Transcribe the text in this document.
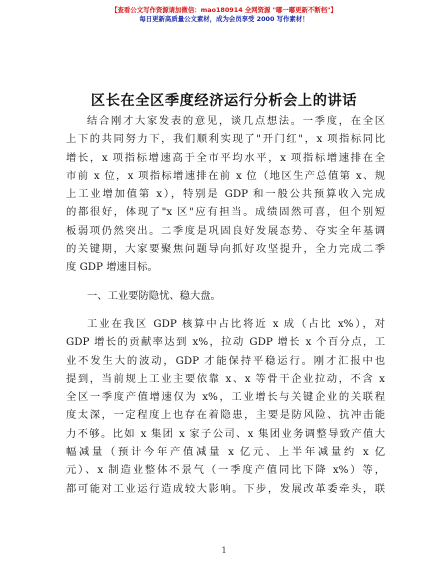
【查看公文写作资源请加微信：mao180914 全网资源 "嘟一嘟更新不断档"】
每日更新高质量公文素材，成为会员享受 2000 写作素材！
区长在全区季度经济运行分析会上的讲话
结合刚才大家发表的意见，谈几点想法。一季度，在全区
上下的共同努力下，我们顺利实现了"开门红"，x 项指标同比
增长，x 项指标增速高于全市平均水平，x 项指标增速排在全
市前 x 位，x 项指标增速排在前 x 位（地区生产总值第 x、规
上工业增加值第 x），特别是 GDP 和一般公共预算收入完成
的都很好，体现了"x 区"应有担当。成绩固然可喜，但个别短
板弱项仍然突出。二季度是巩固良好发展态势、夺实全年基调
的关键期，大家要聚焦问题导向抓好攻坚提升，全力完成二季
度 GDP 增速目标。
一、工业要防隐忧、稳大盘。
工业在我区 GDP 核算中占比将近 x 成（占比 x%），对
GDP 增长的贡献率达到 x%，拉动 GDP 增长 x 个百分点，工
业不发生大的波动，GDP 才能保持平稳运行。刚才汇报中也
提到，当前规上工业主要依靠 x、x 等骨干企业拉动，不含 x
全区一季度产值增速仅为 x%，工业增长与关键企业的关联程
度太深，一定程度上也存在着隐患，主要是防风险、抗冲击能
力不够。比如 x 集团 x 家子公司、x 集团业务调整导致产值大
幅减量（预计今年产值减量 x 亿元、上半年减量约 x 亿
元）、x 制造业整体不景气（一季度产值同比下降 x%）等，
都可能对工业运行造成较大影响。下步，发展改革委牵头，联
1
